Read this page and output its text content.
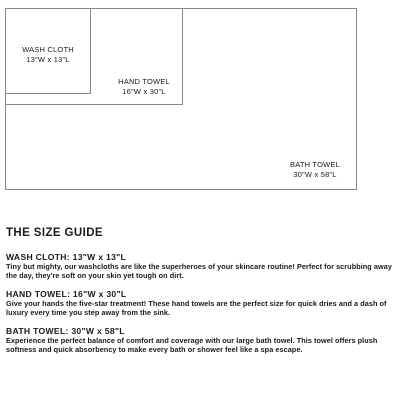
WASH CLOTH
13"W x 13"L
HAND TOWEL
16"W x 30"L
BATH TOWEL
30"W x 58"L
THE SIZE GUIDE
WASH CLOTH: 13"W x 13"L

Tiny but mighty, our washcloths are like the superheroes of your skincare routine! Perfect for scrubbing away the day, they're soft on your skin yet tough on dirt.

HAND TOWEL: 16"W x 30"L

Give your hands the five-star treatment! These hand towels are the perfect size for quick dries and a dash of luxury every time you step away from the sink.

BATH TOWEL: 30"W x 58"L

Experience the perfect balance of comfort and coverage with our large bath towel. This towel offers plush softness and quick absorbency to make every bath or shower feel like a spa escape.
